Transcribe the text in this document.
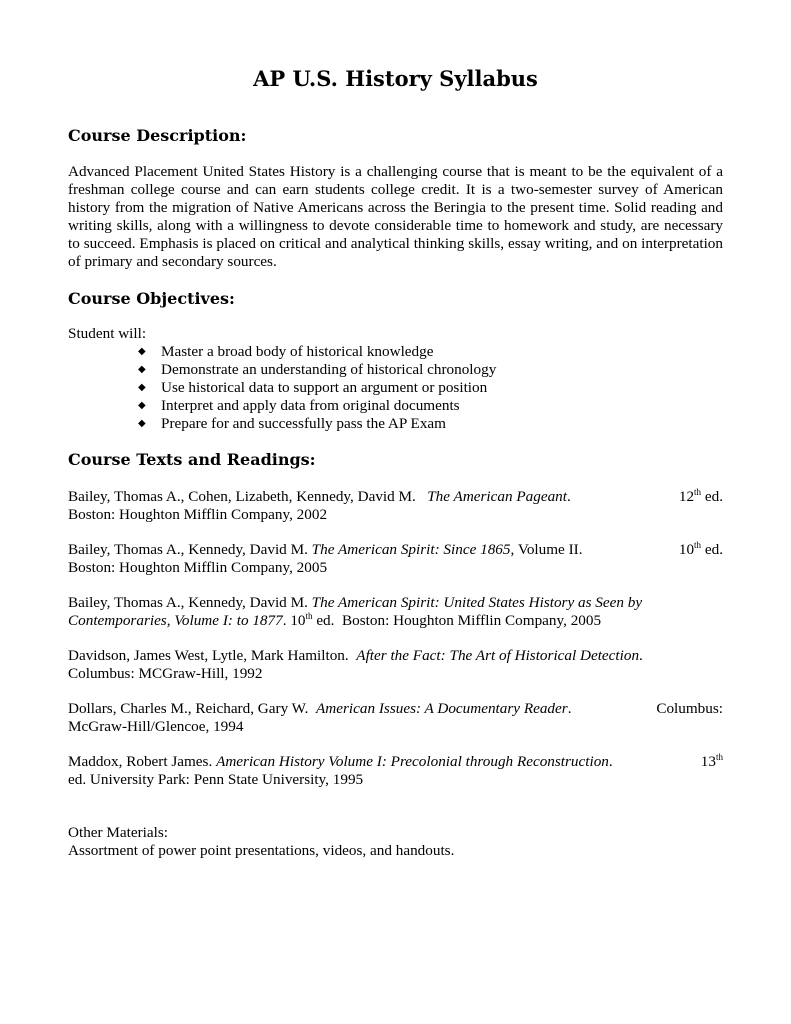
AP U.S. History Syllabus
Course Description:

Advanced Placement United States History is a challenging course that is meant to be the equivalent of a freshman college course and can earn students college credit. It is a two-semester survey of American history from the migration of Native Americans across the Beringia to the present time. Solid reading and writing skills, along with a willingness to devote considerable time to homework and study, are necessary to succeed. Emphasis is placed on critical and analytical thinking skills, essay writing, and on interpretation of primary and secondary sources.

Course Objectives:

Student will:

◆	Master a broad body of historical knowledge
◆	Demonstrate an understanding of historical chronology
◆	Use historical data to support an argument or position
◆	Interpret and apply data from original documents
◆	Prepare for and successfully pass the AP Exam
Course Texts and Readings:

Bailey, Thomas A., Cohen, Lizabeth, Kennedy, David M. The American Pageant.	12th ed.

Boston: Houghton Mifflin Company, 2002

Bailey, Thomas A., Kennedy, David M. The American Spirit: Since 1865, Volume II.	10th ed.

Boston: Houghton Mifflin Company, 2005

Bailey, Thomas A., Kennedy, David M. The American Spirit: United States History as Seen by

Contemporaries, Volume I: to 1877. 10th ed. Boston: Houghton Mifflin Company, 2005

Davidson, James West, Lytle, Mark Hamilton. After the Fact: The Art of Historical Detection.

Columbus: MCGraw-Hill, 1992

Dollars, Charles M., Reichard, Gary W. American Issues: A Documentary Reader.	Columbus:

McGraw-Hill/Glencoe, 1994

Maddox, Robert James. American History Volume I: Precolonial through Reconstruction.	13th

ed. University Park: Penn State University, 1995

Other Materials:

Assortment of power point presentations, videos, and handouts.
